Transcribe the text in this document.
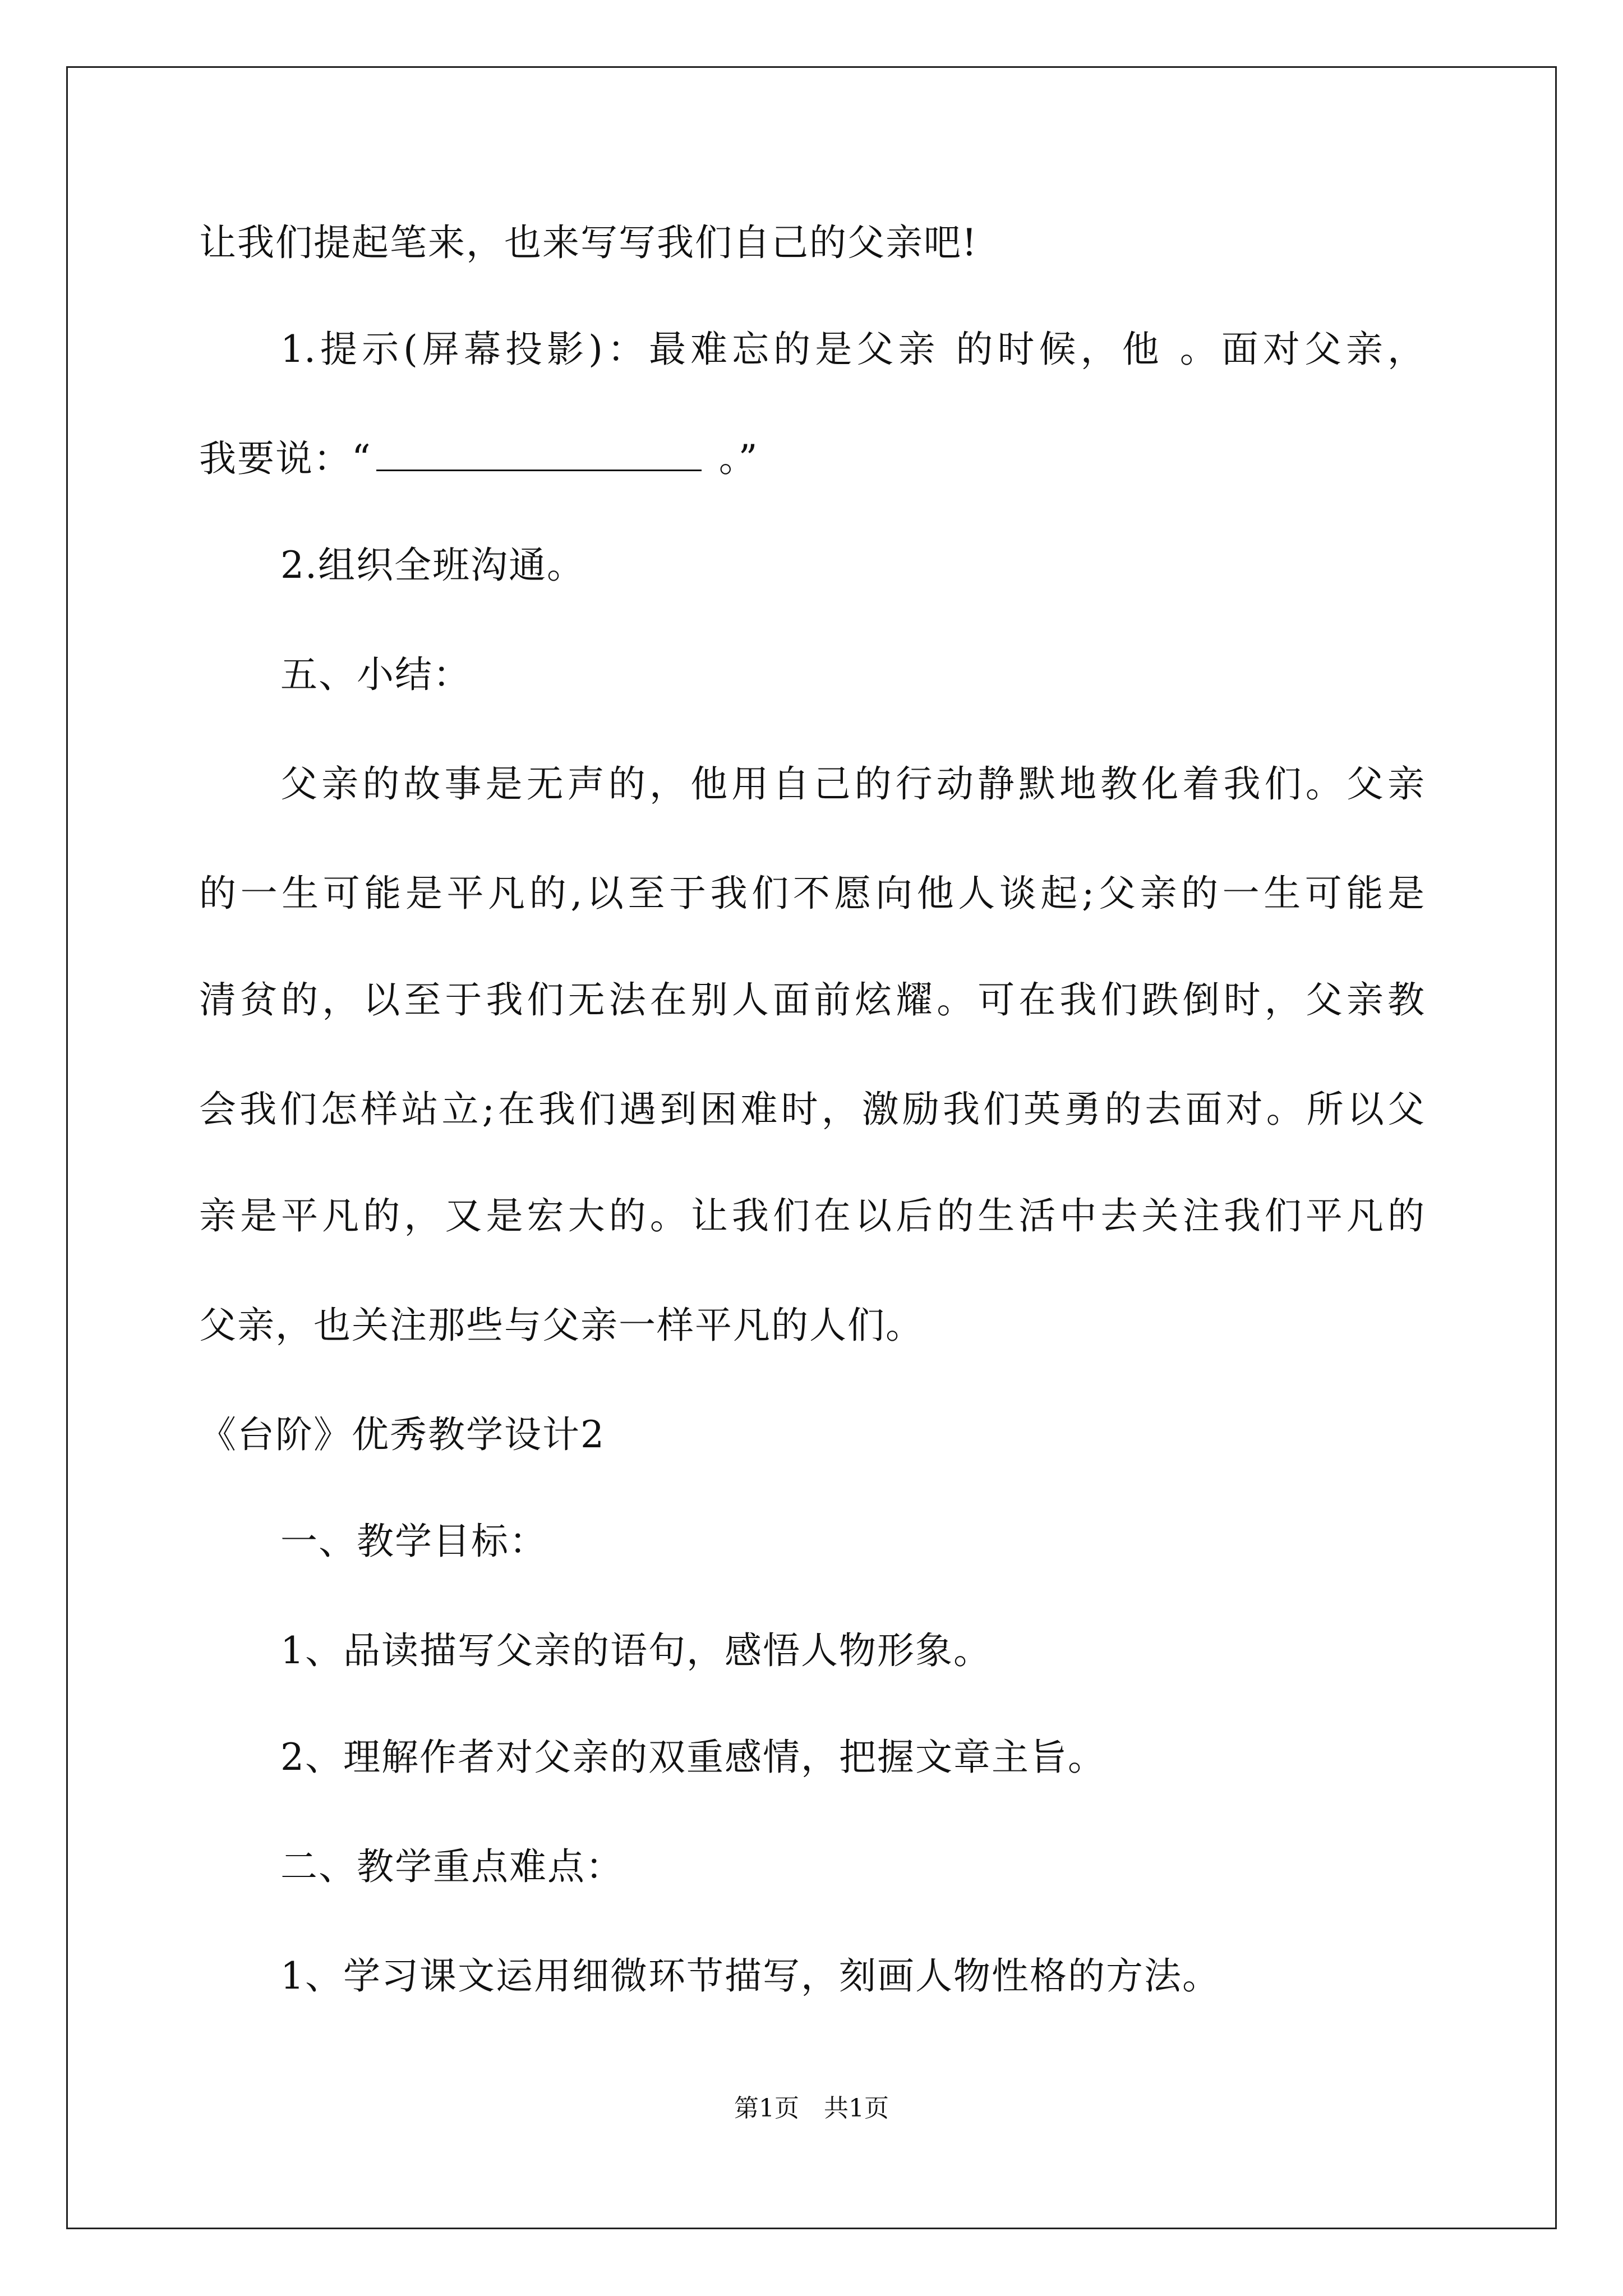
让我们提起笔来，也来写写我们自己的父亲吧!
1.提示(屏幕投影)：最难忘的是父亲 的时候，他 。面对父亲，
我要说：“	。”
2.组织全班沟通。
五、小结：
父亲的故事是无声的，他用自己的行动静默地教化着我们。父亲
的一生可能是平凡的,以至于我们不愿向他人谈起;父亲的一生可能是
清贫的，以至于我们无法在别人面前炫耀。可在我们跌倒时，父亲教
会我们怎样站立;在我们遇到困难时，激励我们英勇的去面对。所以父
亲是平凡的，又是宏大的。让我们在以后的生活中去关注我们平凡的
父亲，也关注那些与父亲一样平凡的人们。
《台阶》优秀教学设计2
一、教学目标：
1、品读描写父亲的语句，感悟人物形象。
2、理解作者对父亲的双重感情，把握文章主旨。
二、教学重点难点：
1、学习课文运用细微环节描写，刻画人物性格的方法。
第1页　共1页
